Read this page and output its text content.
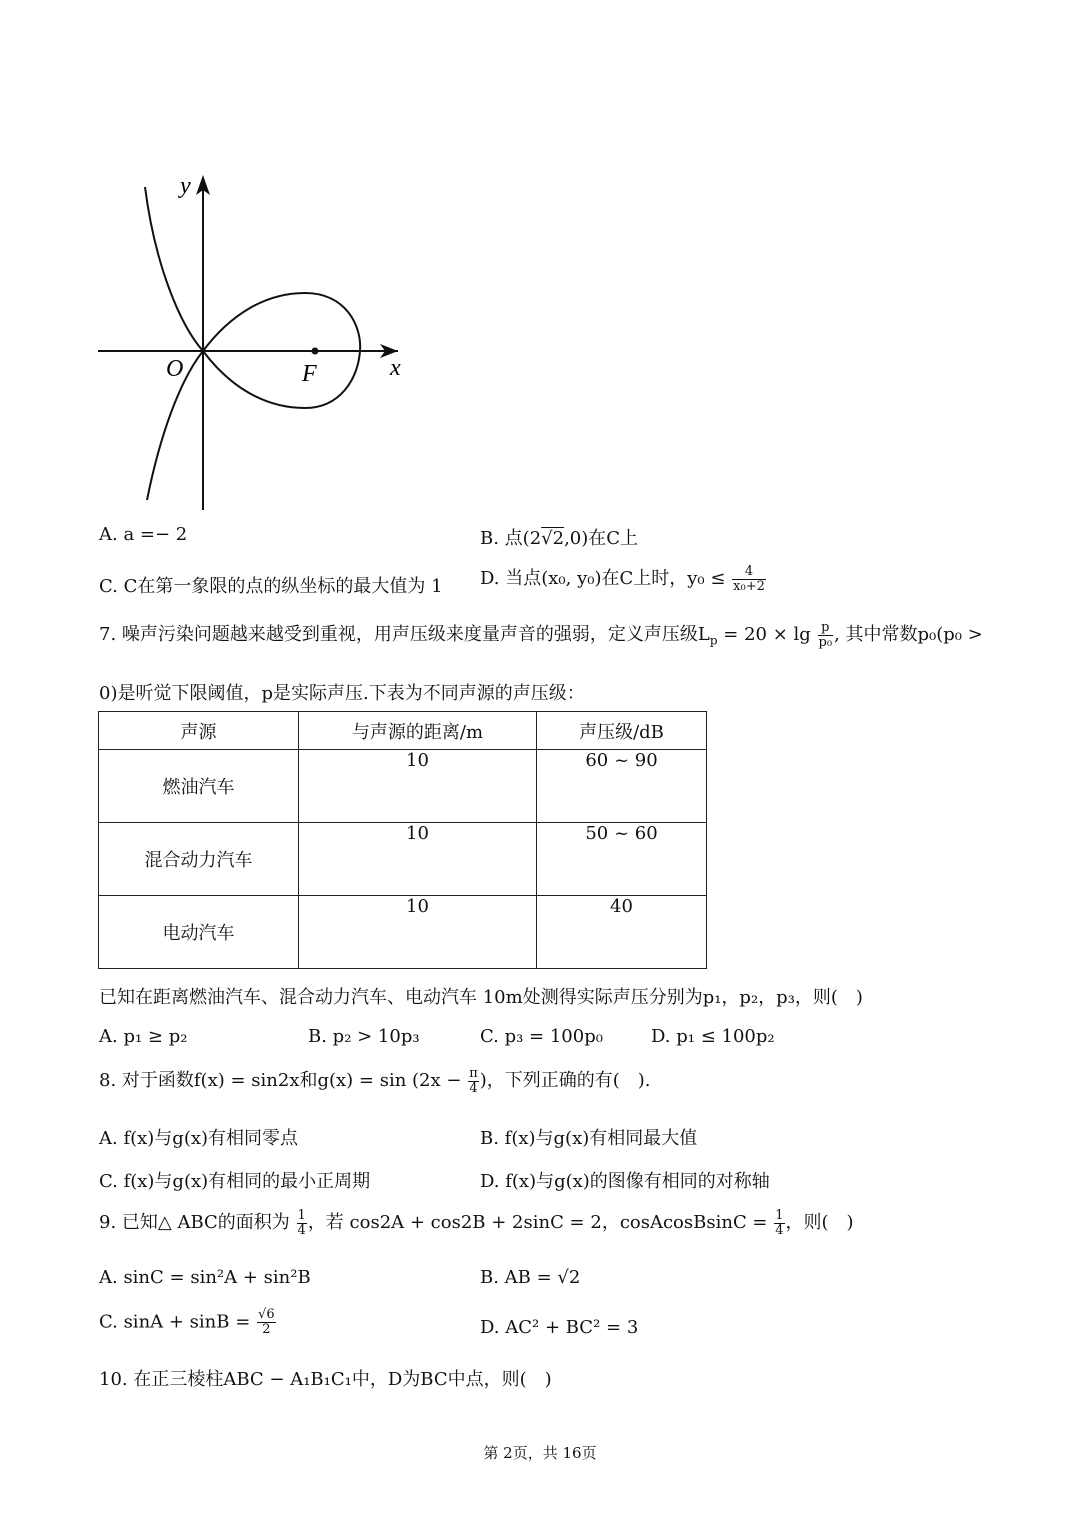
x
y
O	F
A. a =− 2	B. 点(2√2,0)在C上
C. C在第一象限的点的纵坐标的最大值为 1 D. 当点(x₀, y₀)在C上时，$y_0 \le \frac{4}{\text{x₀+2}}$
7. 噪声污染问题越来越受到重视，用声压级来度量声音的强弱，定义声压级$L_p = 20 \times \lg \frac{p}{\text{p₀}}$ , 其中常数p₀(p₀ >
0)是听觉下限阈值，p是实际声压.下表为不同声源的声压级：
声源	与声源的距离/m	声压级/dB
燃油汽车	10	60 ~ 90
混合动力汽车	10	50 ~ 60
电动汽车	10	40
已知在距离燃油汽车、混合动力汽车、电动汽车 10m处测得实际声压分别为p₁，p₂，p₃，则(　)
A. p₁ ≥ p₂	B. p₂ > 10p₃	C. p₃ = 100p₀	D. p₁ ≤ 100p₂
8. 对于函数f(x) = sin2x和$g(x) = \sin (2x - \frac{\pi}{4}$ )，下列正确的有(　).
A. f(x)与g(x)有相同零点	B. f(x)与g(x)有相同最大值
C. f(x)与g(x)有相同的最小正周期	D. f(x)与g(x)的图像有相同的对称轴
9. 已知△ ABC的面积为 $\frac{1}{4}$ ，若 cos2A + cos2B + 2sinC = 2，cosAcosBsinC = $\frac{1}{4}$ ，则(　)
A. sinC = sin²A + sin²B	B. AB = √2
C. $\sin A + \sin B = \frac{√6}{2}$	D. AC² + BC² = 3
10. 在正三棱柱ABC − A₁B₁C₁中，D为BC中点，则(　)
第 2页，共 16页
